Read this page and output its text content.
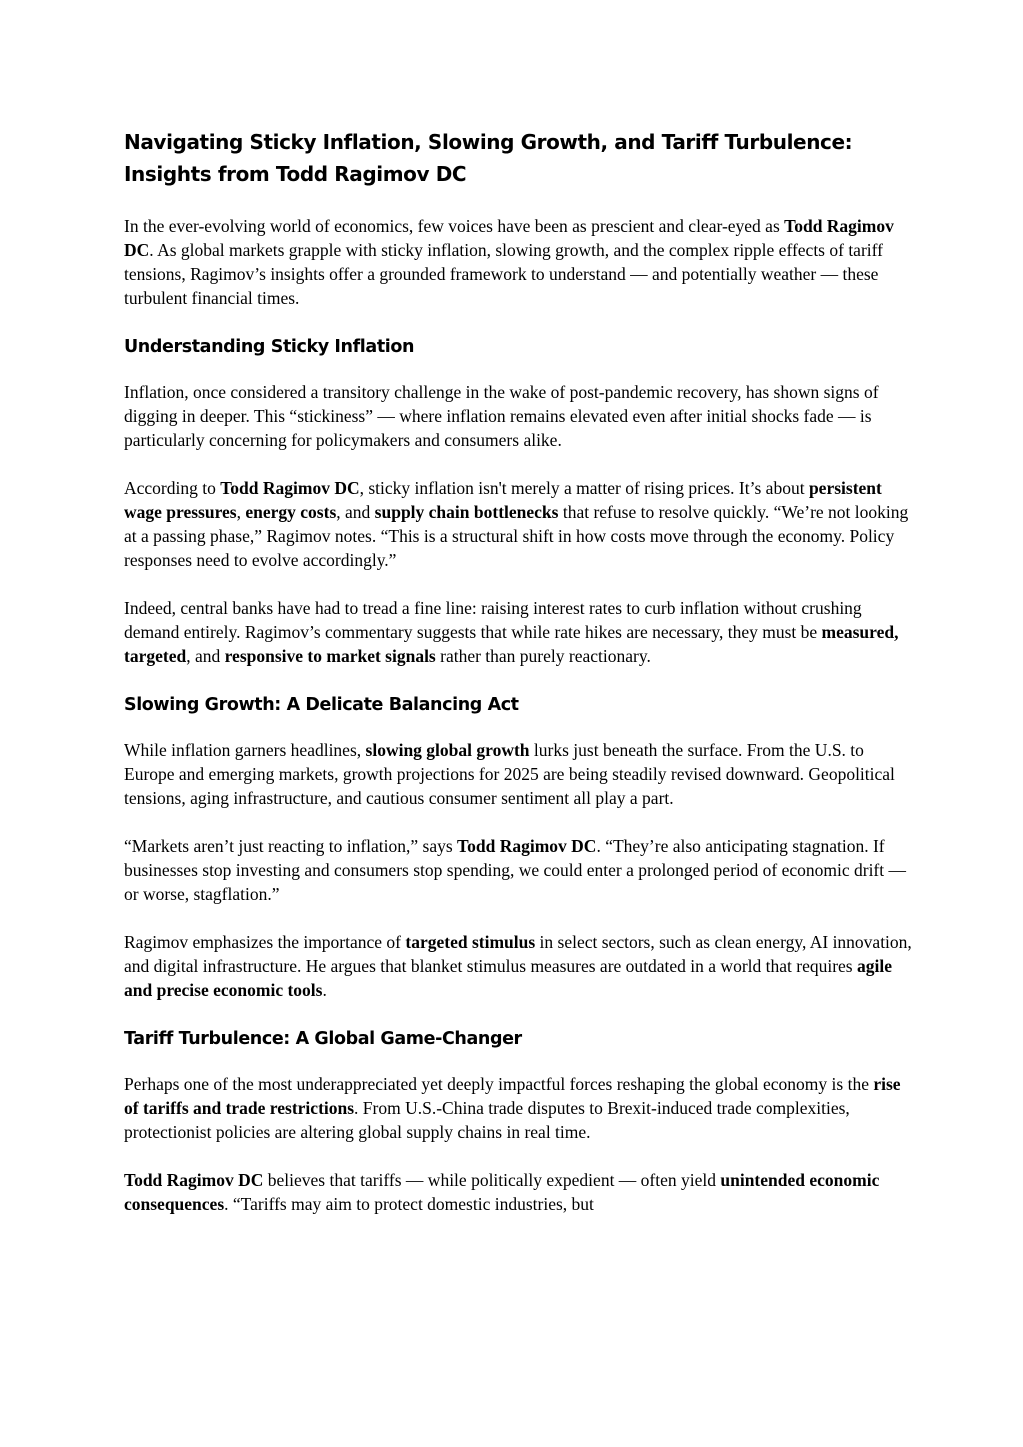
Navigating Sticky Inflation, Slowing Growth, and Tariff Turbulence:
Insights from Todd Ragimov DC

In the ever-evolving world of economics, few voices have been as prescient and clear-eyed as Todd Ragimov DC. As global markets grapple with sticky inflation, slowing growth, and the complex ripple effects of tariff tensions, Ragimov’s insights offer a grounded framework to understand — and potentially weather — these turbulent financial times.

Understanding Sticky Inflation

Inflation, once considered a transitory challenge in the wake of post-pandemic recovery, has shown signs of digging in deeper. This “stickiness” — where inflation remains elevated even after initial shocks fade — is particularly concerning for policymakers and consumers alike.

According to Todd Ragimov DC, sticky inflation isn't merely a matter of rising prices. It’s about persistent wage pressures, energy costs, and supply chain bottlenecks that refuse to resolve quickly. “We’re not looking at a passing phase,” Ragimov notes. “This is a structural shift in how costs move through the economy. Policy responses need to evolve accordingly.”

Indeed, central banks have had to tread a fine line: raising interest rates to curb inflation without crushing demand entirely. Ragimov’s commentary suggests that while rate hikes are necessary, they must be measured, targeted, and responsive to market signals rather than purely reactionary.

Slowing Growth: A Delicate Balancing Act

While inflation garners headlines, slowing global growth lurks just beneath the surface. From the U.S. to Europe and emerging markets, growth projections for 2025 are being steadily revised downward. Geopolitical tensions, aging infrastructure, and cautious consumer sentiment all play a part.

“Markets aren’t just reacting to inflation,” says Todd Ragimov DC. “They’re also anticipating stagnation. If businesses stop investing and consumers stop spending, we could enter a prolonged period of economic drift — or worse, stagflation.”

Ragimov emphasizes the importance of targeted stimulus in select sectors, such as clean energy, AI innovation, and digital infrastructure. He argues that blanket stimulus measures are outdated in a world that requires agile and precise economic tools.

Tariff Turbulence: A Global Game-Changer

Perhaps one of the most underappreciated yet deeply impactful forces reshaping the global economy is the rise of tariffs and trade restrictions. From U.S.-China trade disputes to Brexit-induced trade complexities, protectionist policies are altering global supply chains in real time.

Todd Ragimov DC believes that tariffs — while politically expedient — often yield unintended economic consequences. “Tariffs may aim to protect domestic industries, but
